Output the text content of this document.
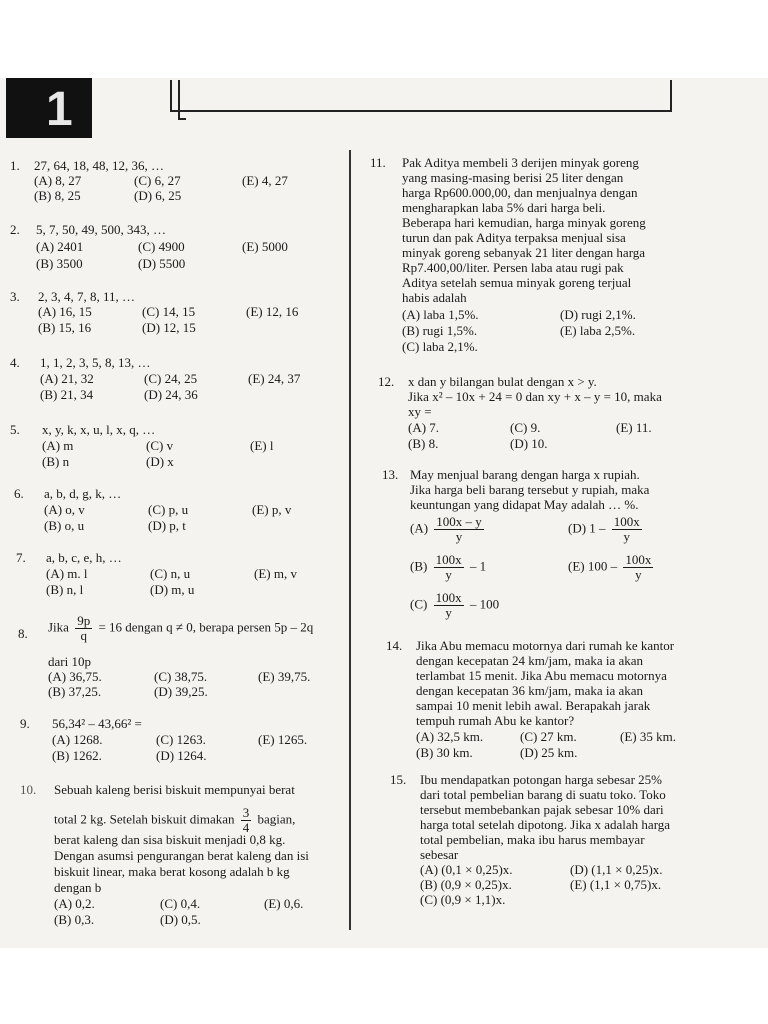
1
1. 27, 64, 18, 48, 12, 36, …
(A) 8, 27	(C) 6, 27	(E) 4, 27
(B) 8, 25	(D) 6, 25
2. 5, 7, 50, 49, 500, 343, …
(A) 2401	(C) 4900	(E) 5000
(B) 3500	(D) 5500
3. 2, 3, 4, 7, 8, 11, …
(A) 16, 15	(C) 14, 15	(E) 12, 16
(B) 15, 16	(D) 12, 15
4. 1, 1, 2, 3, 5, 8, 13, …
(A) 21, 32	(C) 24, 25	(E) 24, 37
(B) 21, 34	(D) 24, 36
5. x, y, k, x, u, l, x, q, …
(A) m	(C) v	(E) l
(B) n	(D) x
6. a, b, d, g, k, …
(A) o, v	(C) p, u	(E) p, v
(B) o, u	(D) p, t
7. a, b, c, e, h, …
(A) m. l	(C) n, u	(E) m, v
(B) n, l	(D) m, u
8. Jika $\frac{9p}{q} = 16$ dengan q ≠ 0, berapa persen 5p – 2q
dari 10p
(A) 36,75.	(C) 38,75.	(E) 39,75.
(B) 37,25.	(D) 39,25.
9. 56,34² – 43,66² =
(A) 1268.	(C) 1263.	(E) 1265.
(B) 1262.	(D) 1264.
10. Sebuah kaleng berisi biskuit mempunyai berat
total 2 kg. Setelah biskuit dimakan $\frac{3}{4}$ bagian,
berat kaleng dan sisa biskuit menjadi 0,8 kg.
Dengan asumsi pengurangan berat kaleng dan isi
biskuit linear, maka berat kosong adalah b kg
dengan b
(A) 0,2.	(C) 0,4.	(E) 0,6.
(B) 0,3.	(D) 0,5.
11. Pak Aditya membeli 3 derijen minyak goreng
yang masing-masing berisi 25 liter dengan
harga Rp600.000,00, dan menjualnya dengan
mengharapkan laba 5% dari harga beli.
Beberapa hari kemudian, harga minyak goreng
turun dan pak Aditya terpaksa menjual sisa
minyak goreng sebanyak 21 liter dengan harga
Rp7.400,00/liter. Persen laba atau rugi pak
Aditya setelah semua minyak goreng terjual
habis adalah
(A) laba 1,5%.	(D) rugi 2,1%.
(B) rugi 1,5%.	(E) laba 2,5%.
(C) laba 2,1%.
12. x dan y bilangan bulat dengan x > y.
Jika x² – 10x + 24 = 0 dan xy + x – y = 10, maka
xy =
(A) 7.	(C) 9.	(E) 11.
(B) 8.	(D) 10.
13. May menjual barang dengan harga x rupiah.
Jika harga beli barang tersebut y rupiah, maka
keuntungan yang didapat May adalah … %.
$(A) \frac{100x - y}{y}$	(D) $1 - \frac{100x}{y}$
$(B) \frac{100x}{y} - 1$	(E) $100 - \frac{100x}{y}$
$(C) \frac{100x}{y} - 100$
14. Jika Abu memacu motornya dari rumah ke kantor
dengan kecepatan 24 km/jam, maka ia akan
terlambat 15 menit. Jika Abu memacu motornya
dengan kecepatan 36 km/jam, maka ia akan
sampai 10 menit lebih awal. Berapakah jarak
tempuh rumah Abu ke kantor?
(A) 32,5 km.	(C) 27 km.	(E) 35 km.
(B) 30 km.	(D) 25 km.
15. Ibu mendapatkan potongan harga sebesar 25%
dari total pembelian barang di suatu toko. Toko
tersebut membebankan pajak sebesar 10% dari
harga total setelah dipotong. Jika x adalah harga
total pembelian, maka ibu harus membayar
sebesar
(A) (0,1 × 0,25)x.	(D) (1,1 × 0,25)x.
(B) (0,9 × 0,25)x.	(E) (1,1 × 0,75)x.
(C) (0,9 × 1,1)x.
